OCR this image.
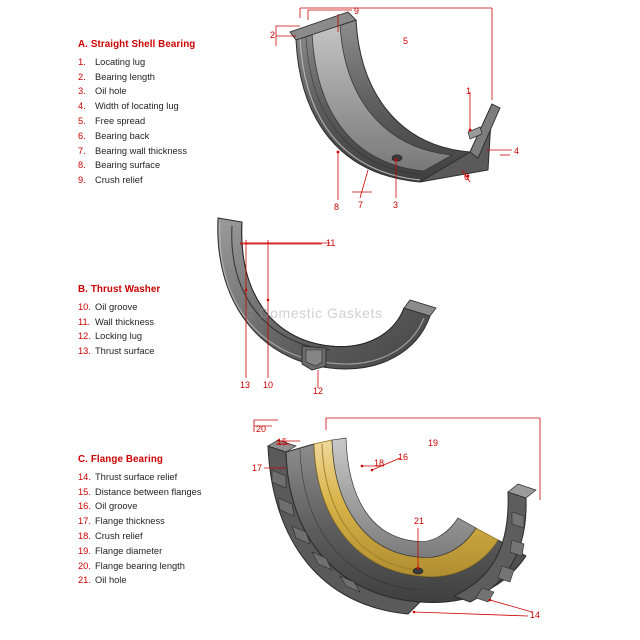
A. Straight Shell Bearing
1. Locating lug
2. Bearing length
3. Oil hole
4. Width of locating lug
5. Free spread
6. Bearing back
7. Bearing wall thickness
8. Bearing surface
9. Crush relief
B. Thrust Washer
10. Oil groove
11. Wall thickness
12. Locking lug
13. Thrust surface
C. Flange Bearing
14. Thrust surface relief
15. Distance between flanges
16. Oil groove
17. Flange thickness
18. Crush relief
19. Flange diameter
20. Flange bearing length
21. Oil hole
9
2
5
1
4
6
8 7	3
11
13 10
12
20
15
17
19
18
16
21
14
© Domestic Gaskets
